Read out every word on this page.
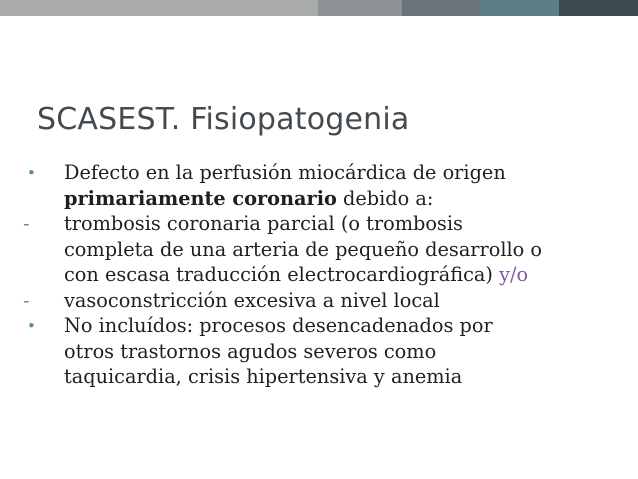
SCASEST. Fisiopatogenia
•	Defecto en la perfusión miocárdica de origen
primariamente coronario debido a:
-	trombosis coronaria parcial (o trombosis
completa de una arteria de pequeño desarrollo o
con escasa traducción electrocardiográfica) y/o
-	vasoconstricción excesiva a nivel local
•	No incluídos: procesos desencadenados por
otros trastornos agudos severos como
taquicardia, crisis hipertensiva y anemia
